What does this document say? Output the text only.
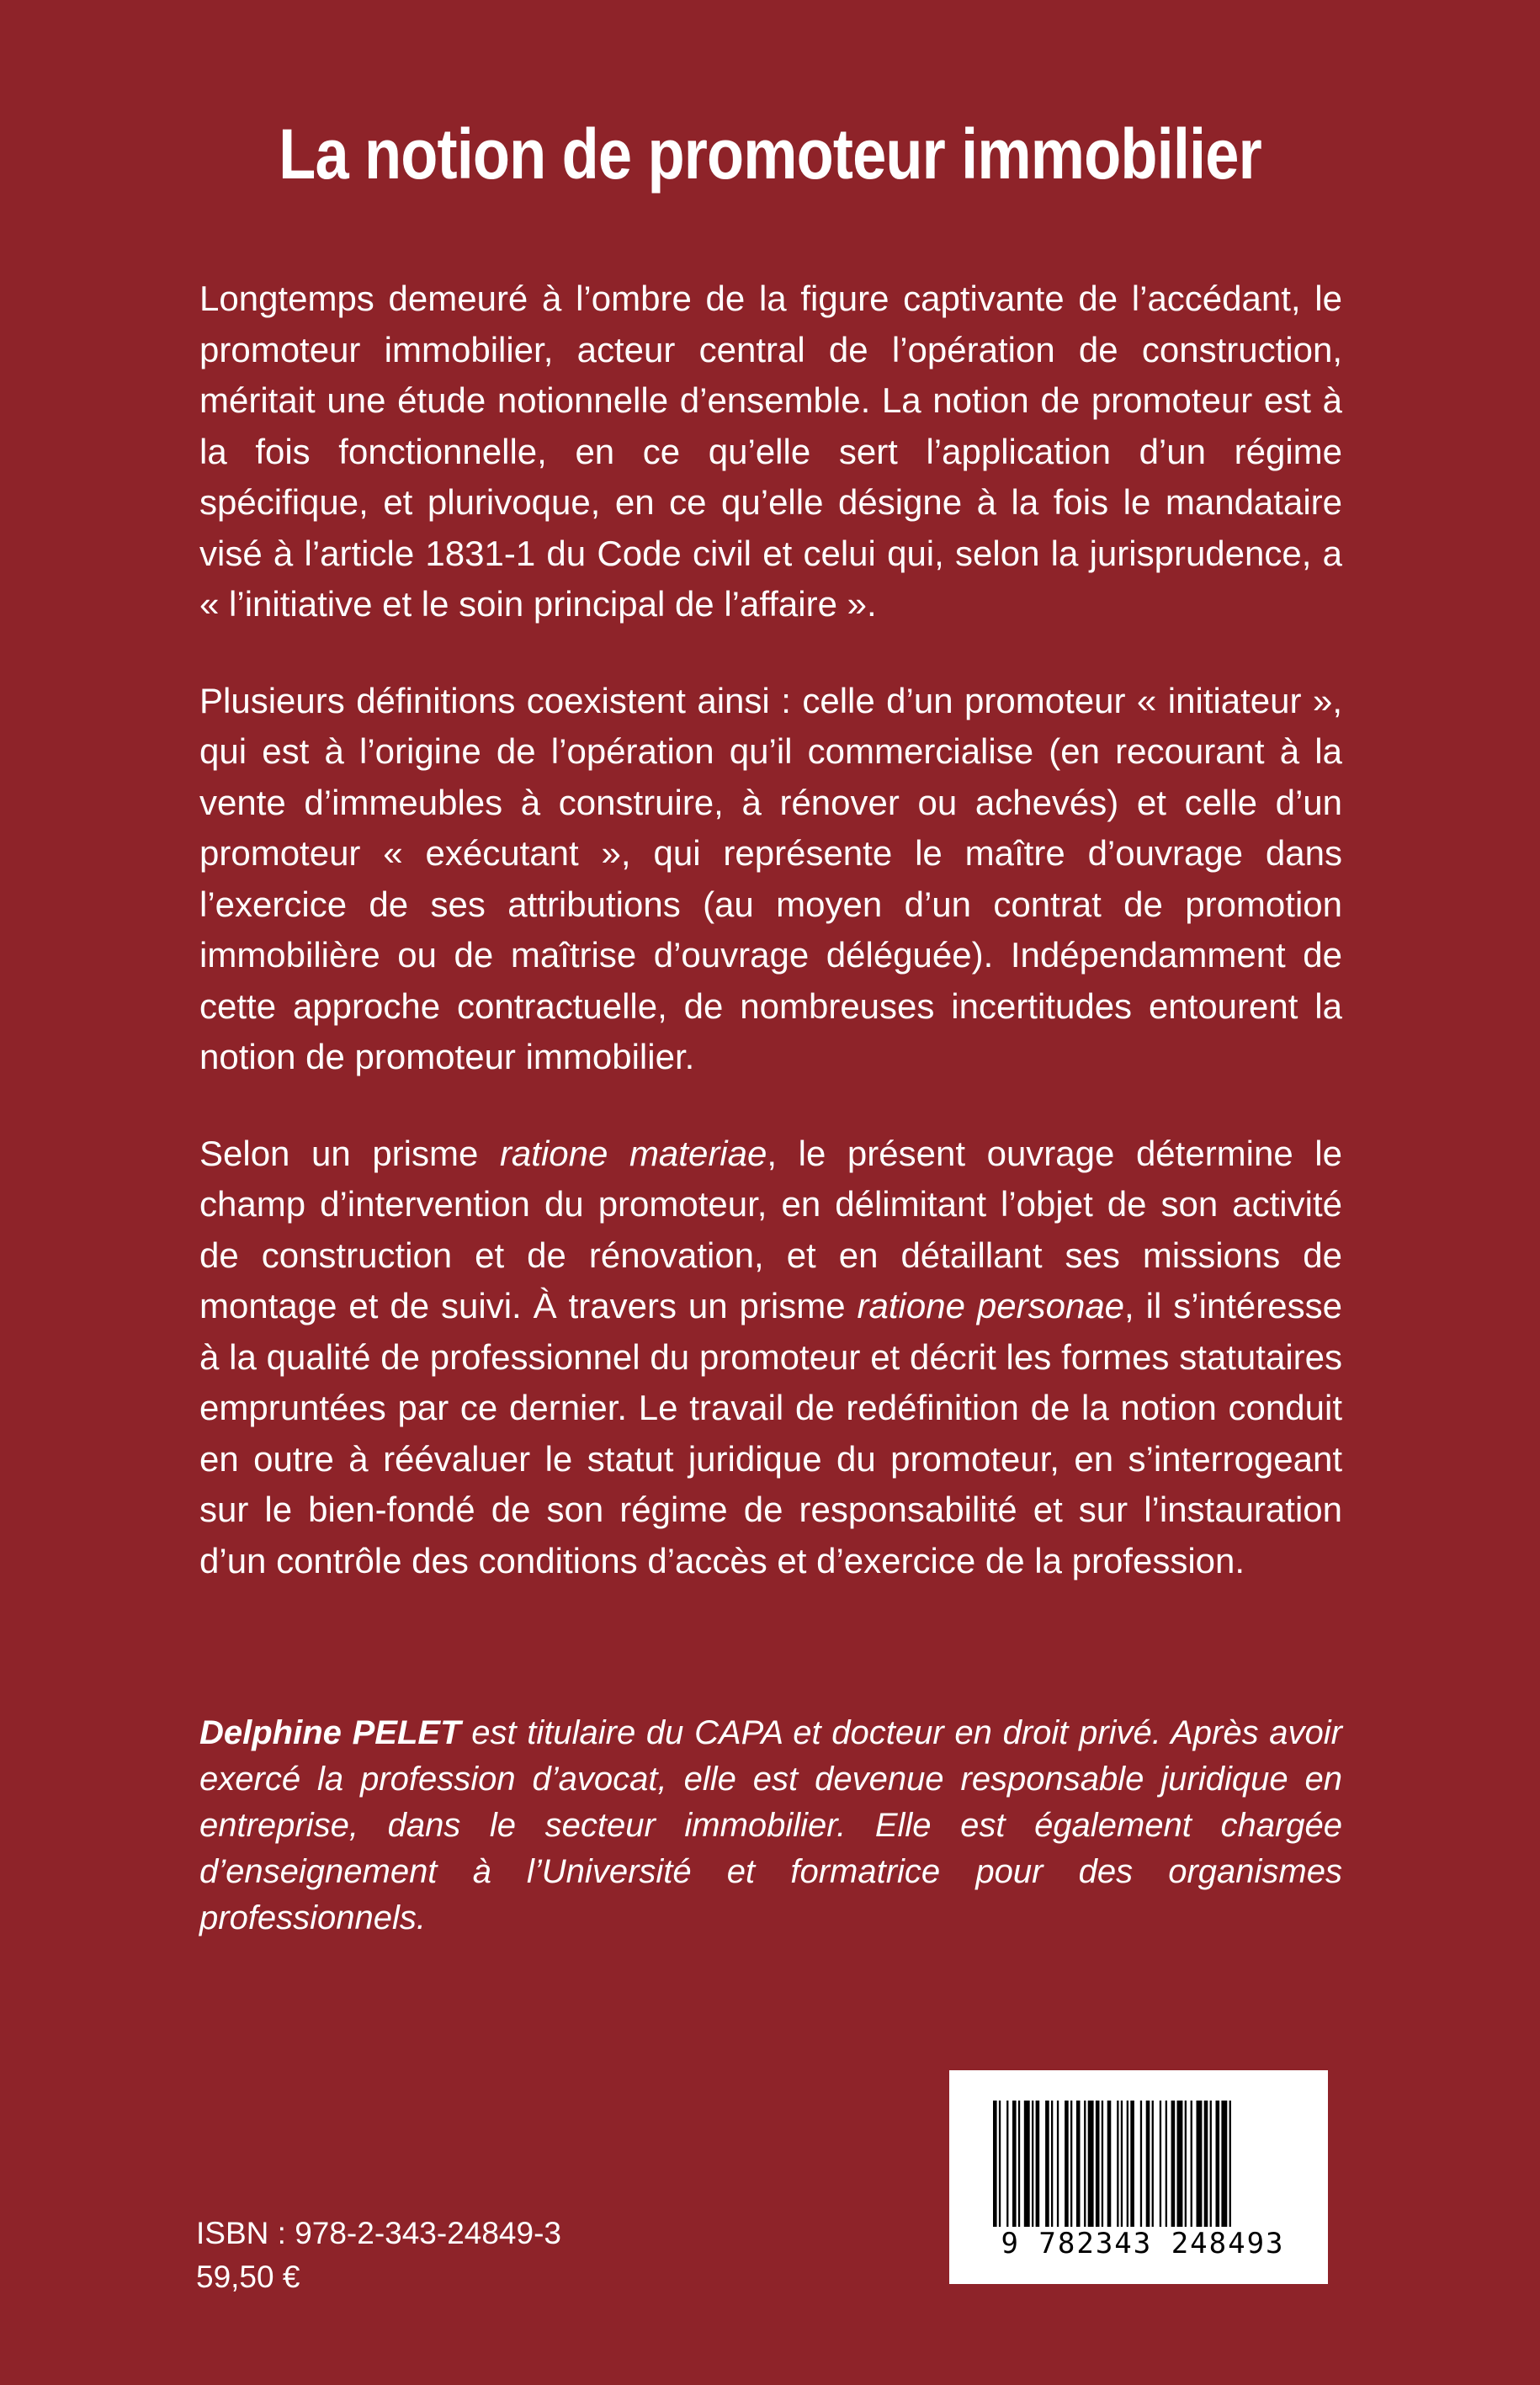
La notion de promoteur immobilier

Longtemps demeuré à l’ombre de la figure captivante de l’accédant, le promoteur immobilier, acteur central de l’opération de construction, méritait une étude notionnelle d’ensemble. La notion de promoteur est à la fois fonctionnelle, en ce qu’elle sert l’application d’un régime spécifique, et plurivoque, en ce qu’elle désigne à la fois le mandataire visé à l’article 1831-1 du Code civil et celui qui, selon la jurisprudence, a « l’initiative et le soin principal de l’affaire ».

Plusieurs définitions coexistent ainsi : celle d’un promoteur « initiateur », qui est à l’origine de l’opération qu’il commercialise (en recourant à la vente d’immeubles à construire, à rénover ou achevés) et celle d’un promoteur « exécutant », qui représente le maître d’ouvrage dans l’exercice de ses attributions (au moyen d’un contrat de promotion immobilière ou de maîtrise d’ouvrage déléguée). Indépendamment de cette approche contractuelle, de nombreuses incertitudes entourent la notion de promoteur immobilier.

Selon un prisme ratione materiae, le présent ouvrage détermine le champ d’intervention du promoteur, en délimitant l’objet de son activité de construction et de rénovation, et en détaillant ses missions de montage et de suivi. À travers un prisme ratione personae, il s’intéresse à la qualité de professionnel du promoteur et décrit les formes statutaires empruntées par ce dernier. Le travail de redéfinition de la notion conduit en outre à réévaluer le statut juridique du promoteur, en s’interrogeant sur le bien-fondé de son régime de responsabilité et sur l’instauration d’un contrôle des conditions d’accès et d’exercice de la profession.

Delphine PELET est titulaire du CAPA et docteur en droit privé. Après avoir exercé la profession d’avocat, elle est devenue responsable juridique en entreprise, dans le secteur immobilier. Elle est également chargée d’enseignement à l’Université et formatrice pour des organismes professionnels.

ISBN : 978-2-343-24849-3
59,50 €
9 782343 248493
